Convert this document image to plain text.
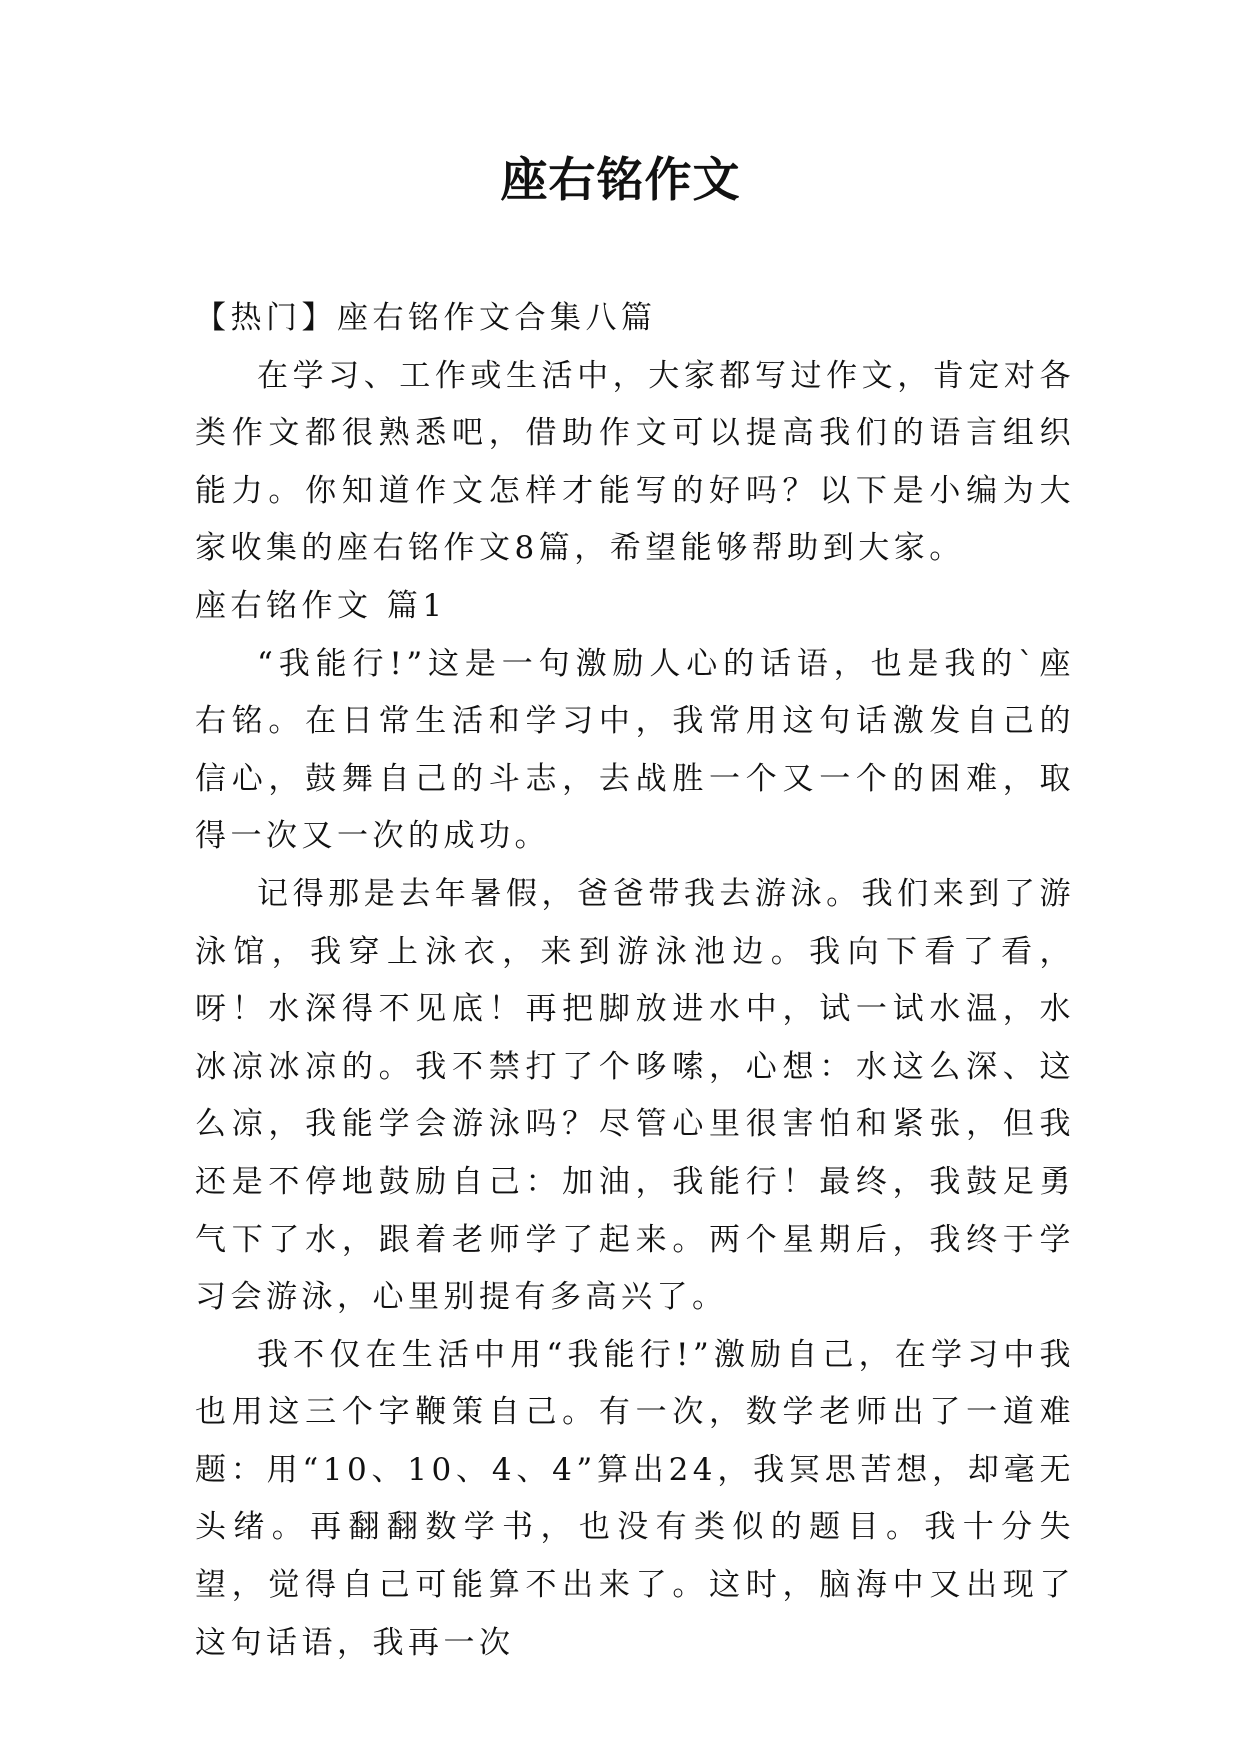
座右铭作文

【热门】座右铭作文合集八篇

在学习、工作或生活中，大家都写过作文，肯定对各类作文都很熟悉吧，借助作文可以提高我们的语言组织能力。你知道作文怎样才能写的好吗？以下是小编为大家收集的座右铭作文8篇，希望能够帮助到大家。

座右铭作文 篇1

“我能行!”这是一句激励人心的话语，也是我的`座右铭。在日常生活和学习中，我常用这句话激发自己的信心，鼓舞自己的斗志，去战胜一个又一个的困难，取得一次又一次的成功。

记得那是去年暑假，爸爸带我去游泳。我们来到了游泳馆，我穿上泳衣，来到游泳池边。我向下看了看，呀！水深得不见底！再把脚放进水中，试一试水温，水冰凉冰凉的。我不禁打了个哆嗦，心想：水这么深、这么凉，我能学会游泳吗？尽管心里很害怕和紧张，但我还是不停地鼓励自己：加油，我能行！最终，我鼓足勇气下了水，跟着老师学了起来。两个星期后，我终于学习会游泳，心里别提有多高兴了。

我不仅在生活中用“我能行!”激励自己，在学习中我也用这三个字鞭策自己。有一次，数学老师出了一道难题：用“10、10、4、4”算出24，我冥思苦想，却毫无头绪。再翻翻数学书，也没有类似的题目。我十分失望，觉得自己可能算不出来了。这时，脑海中又出现了这句话语，我再一次
